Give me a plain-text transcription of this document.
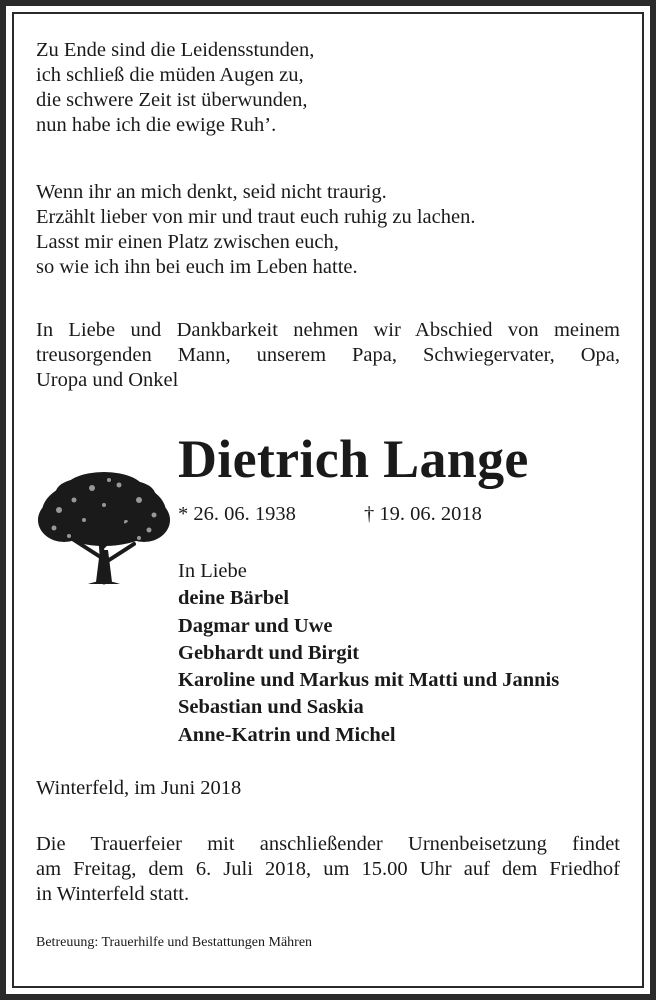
Zu Ende sind die Leidensstunden,
ich schließ die müden Augen zu,
die schwere Zeit ist überwunden,
nun habe ich die ewige Ruh’.
Wenn ihr an mich denkt, seid nicht traurig.
Erzählt lieber von mir und traut euch ruhig zu lachen.
Lasst mir einen Platz zwischen euch,
so wie ich ihn bei euch im Leben hatte.
In Liebe und Dankbarkeit nehmen wir Abschied von meinem
treusorgenden Mann, unserem Papa, Schwiegervater, Opa,
Uropa und Onkel
Dietrich Lange
* 26. 06. 1938	† 19. 06. 2018
In Liebe
deine Bärbel
Dagmar und Uwe
Gebhardt und Birgit
Karoline und Markus mit Matti und Jannis
Sebastian und Saskia
Anne-Katrin und Michel

Winterfeld, im Juni 2018

Die Trauerfeier mit anschließender Urnenbeisetzung findet
am Freitag, dem 6. Juli 2018, um 15.00 Uhr auf dem Friedhof
in Winterfeld statt.
Betreuung: Trauerhilfe und Bestattungen Mähren
